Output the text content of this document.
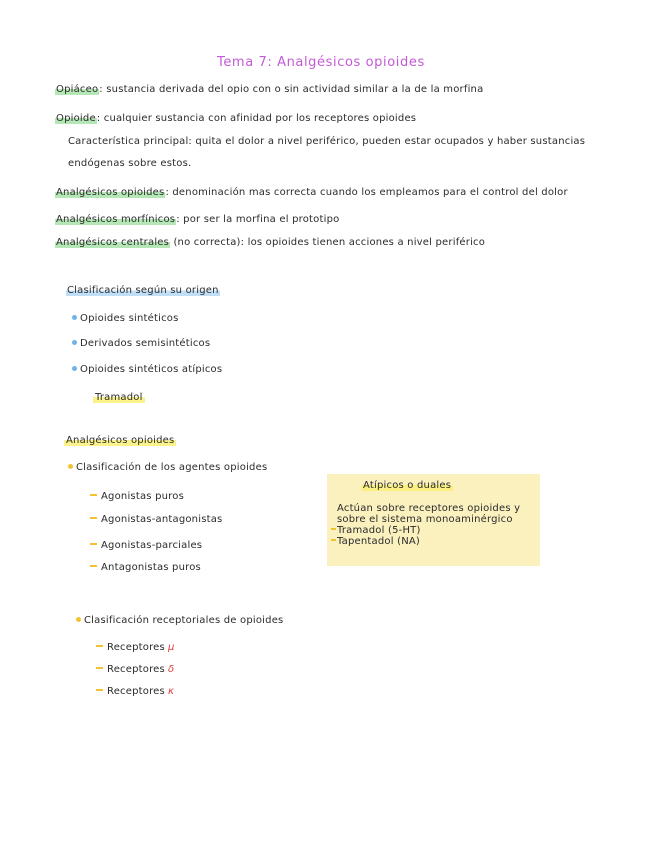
Tema 7: Analgésicos opioides
Opiáceo: sustancia derivada del opio con o sin actividad similar a la de la morfina
Opioide: cualquier sustancia con afinidad por los receptores opioides
Característica principal: quita el dolor a nivel periférico, pueden estar ocupados y haber sustancias
endógenas sobre estos.
Analgésicos opioides: denominación mas correcta cuando los empleamos para el control del dolor
Analgésicos morfínicos: por ser la morfina el prototipo
Analgésicos centrales (no correcta): los opioides tienen acciones a nivel periférico
Clasificación según su origen
Opioides sintéticos
Derivados semisintéticos
Opioides sintéticos atípicos
Tramadol
Analgésicos opioides
Clasificación de los agentes opioides
Agonistas puros
Agonistas-antagonistas
Agonistas-parciales
Antagonistas puros
Clasificación receptoriales de opioides
Receptores μ
Receptores δ
Receptores κ
Atípicos o duales
Actúan sobre receptores opioides y
sobre el sistema monoaminérgico
Tramadol (5-HT)
Tapentadol (NA)
